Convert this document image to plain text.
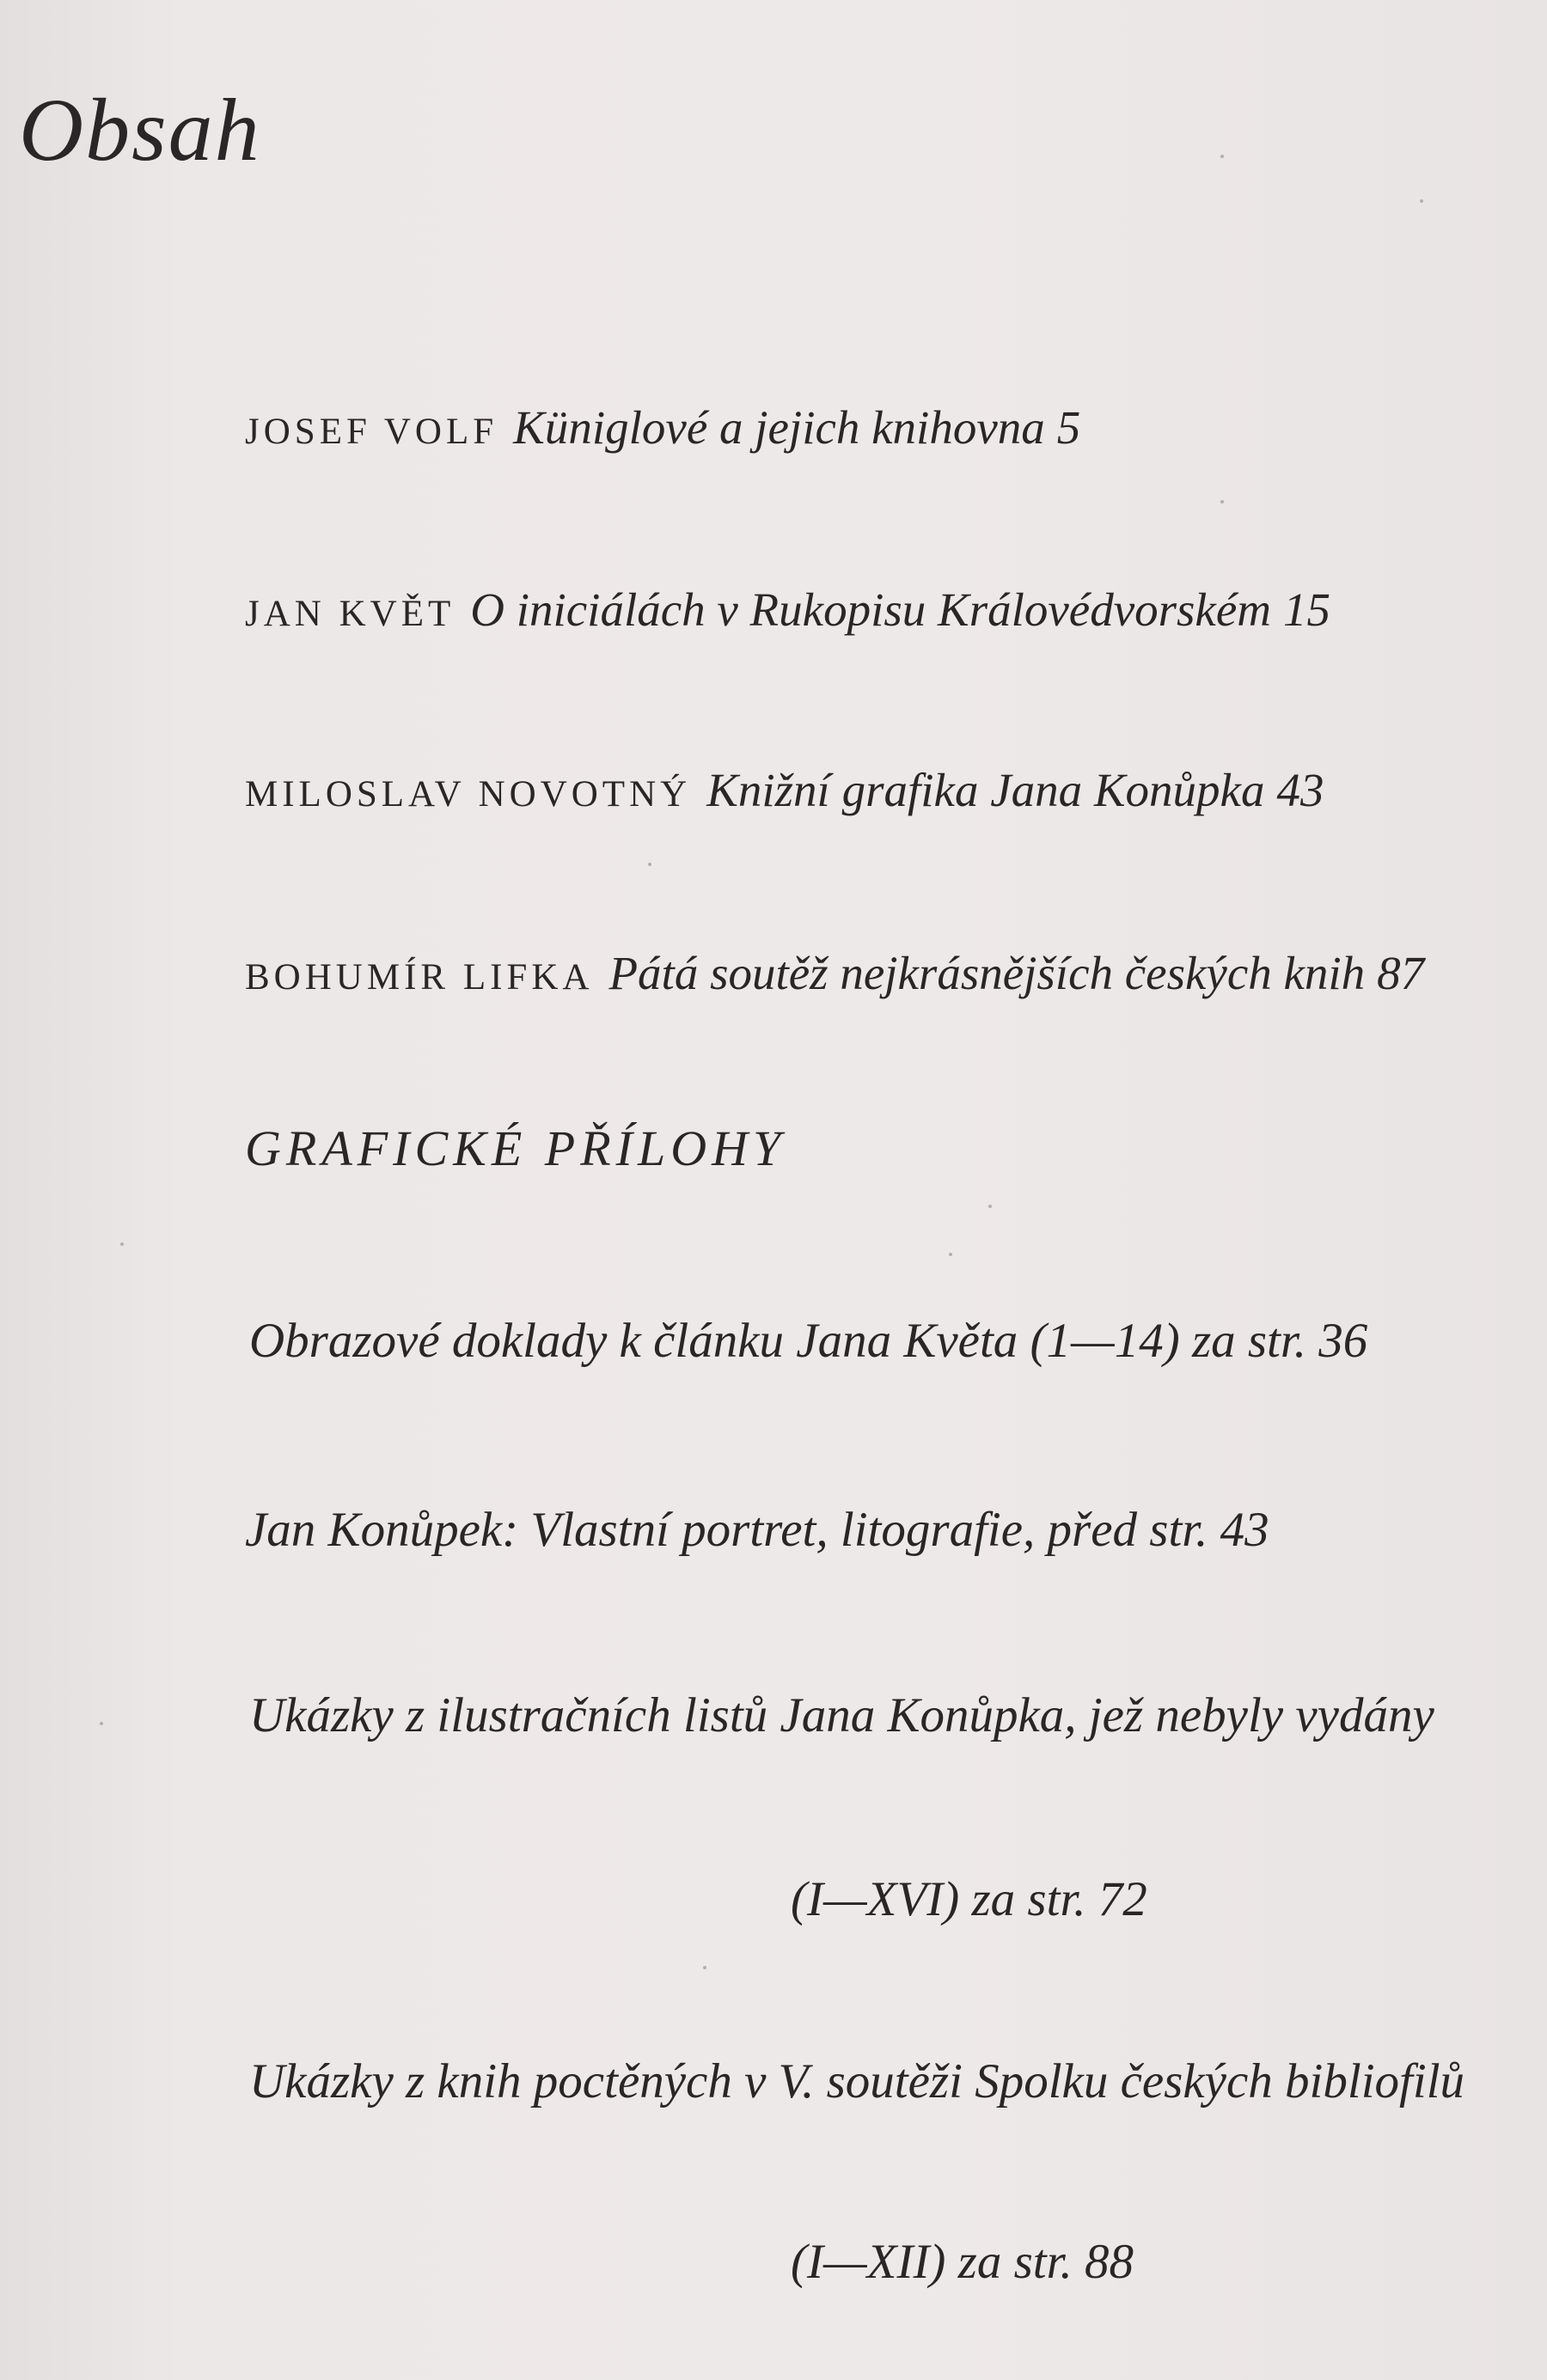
Obsah
JOSEF VOLF Küniglové a jejich knihovna 5
JAN KVĚT O iniciálách v Rukopisu Královédvorském 15
MILOSLAV NOVOTNÝ Knižní grafika Jana Konůpka 43
BOHUMÍR LIFKA Pátá soutěž nejkrásnějších českých knih 87
GRAFICKÉ PŘÍLOHY
Obrazové doklady k článku Jana Květa (1—14) za str. 36
Jan Konůpek: Vlastní portret, litografie, před str. 43
Ukázky z ilustračních listů Jana Konůpka, jež nebyly vydány
(I—XVI) za str. 72
Ukázky z knih poctěných v V. soutěži Spolku českých bibliofilů
(I—XII) za str. 88
